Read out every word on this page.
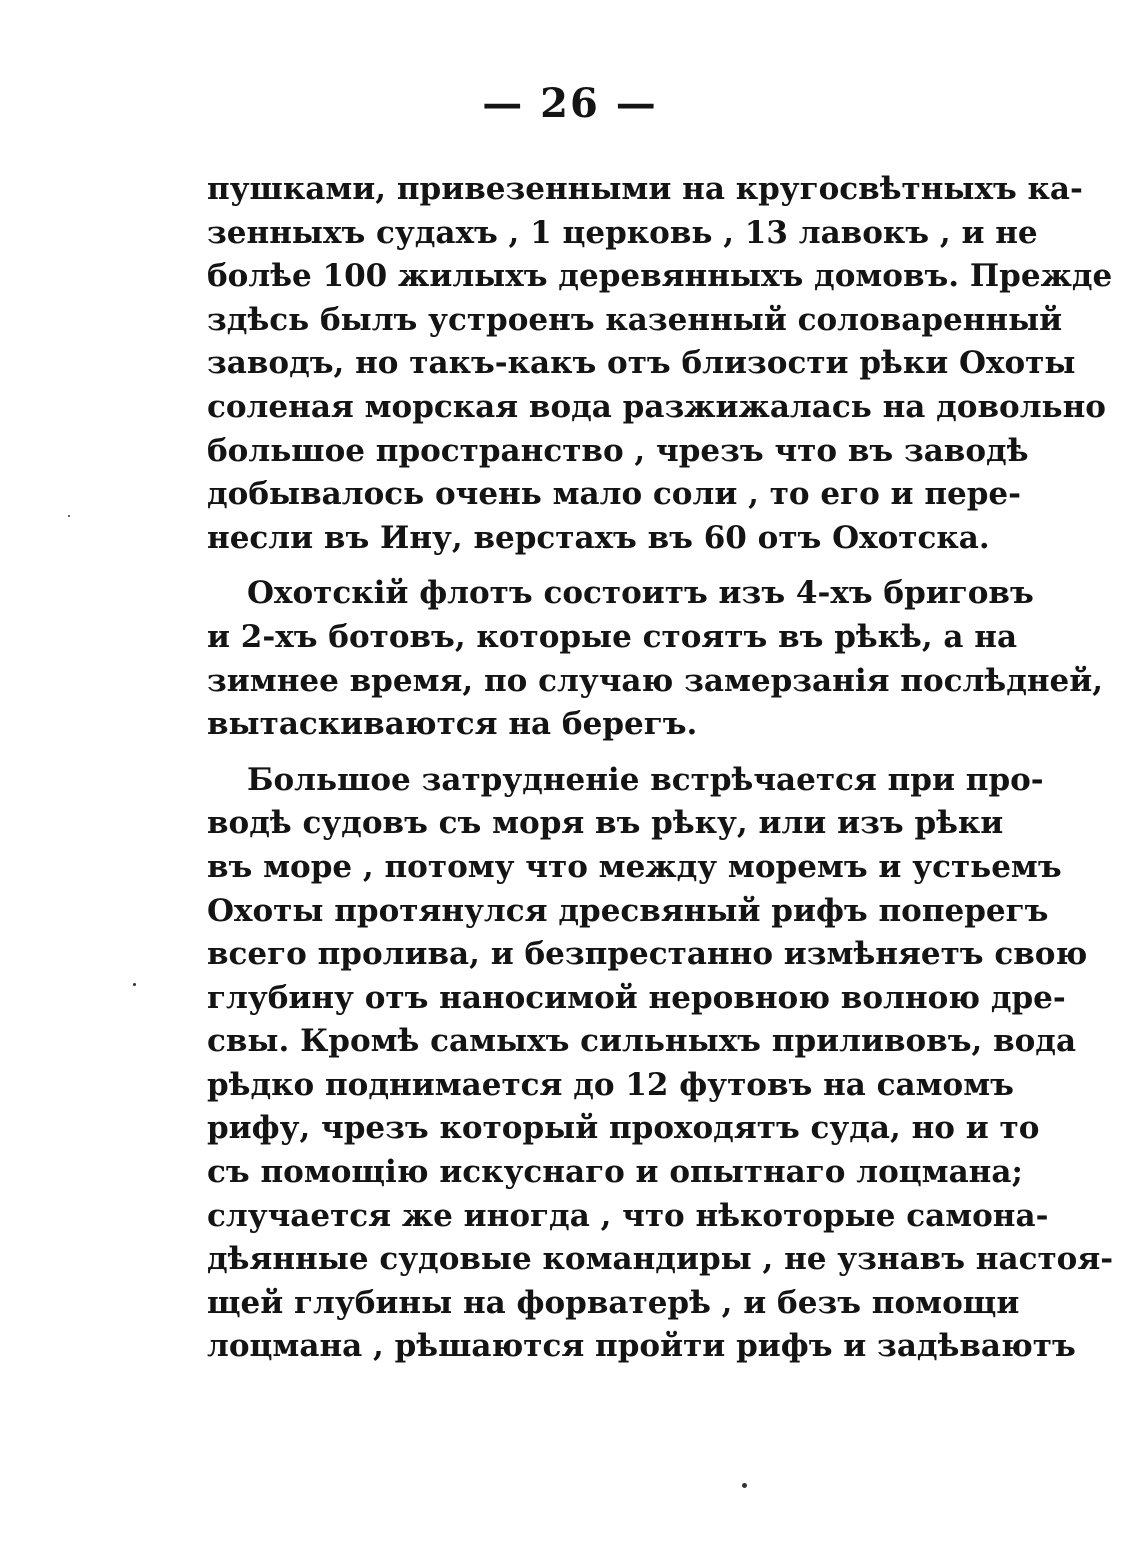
— 26 —
пушками, привезенными на кругосвѣтныхъ ка-
зенныхъ судахъ , 1 церковь , 13 лавокъ , и не
болѣе 100 жилыхъ деревянныхъ домовъ. Прежде
здѣсь былъ устроенъ казенный соловаренный
заводъ, но такъ-какъ отъ близости рѣки Охоты
соленая морская вода разжижалась на довольно
большое пространство , чрезъ что въ заводѣ
добывалось очень мало соли , то его и пере-
несли въ Ину, верстахъ въ 60 отъ Охотска.
Охотскій флотъ состоитъ изъ 4-хъ бриговъ
и 2-хъ ботовъ, которые стоятъ въ рѣкѣ, а на
зимнее время, по случаю замерзанія послѣдней,
вытаскиваются на берегъ.
Большое затрудненіе встрѣчается при про-
водѣ судовъ съ моря въ рѣку, или изъ рѣки
въ море , потому что между моремъ и устьемъ
Охоты протянулся дресвяный рифъ поперегъ
всего пролива, и безпрестанно измѣняетъ свою
глубину отъ наносимой неровною волною дре-
свы. Кромѣ самыхъ сильныхъ приливовъ, вода
рѣдко поднимается до 12 футовъ на самомъ
рифу, чрезъ который проходятъ суда, но и то
съ помощію искуснаго и опытнаго лоцмана;
случается же иногда , что нѣкоторые самона-
дѣянные судовые командиры , не узнавъ настоя-
щей глубины на форватерѣ , и безъ помощи
лоцмана , рѣшаются пройти рифъ и задѣваютъ
